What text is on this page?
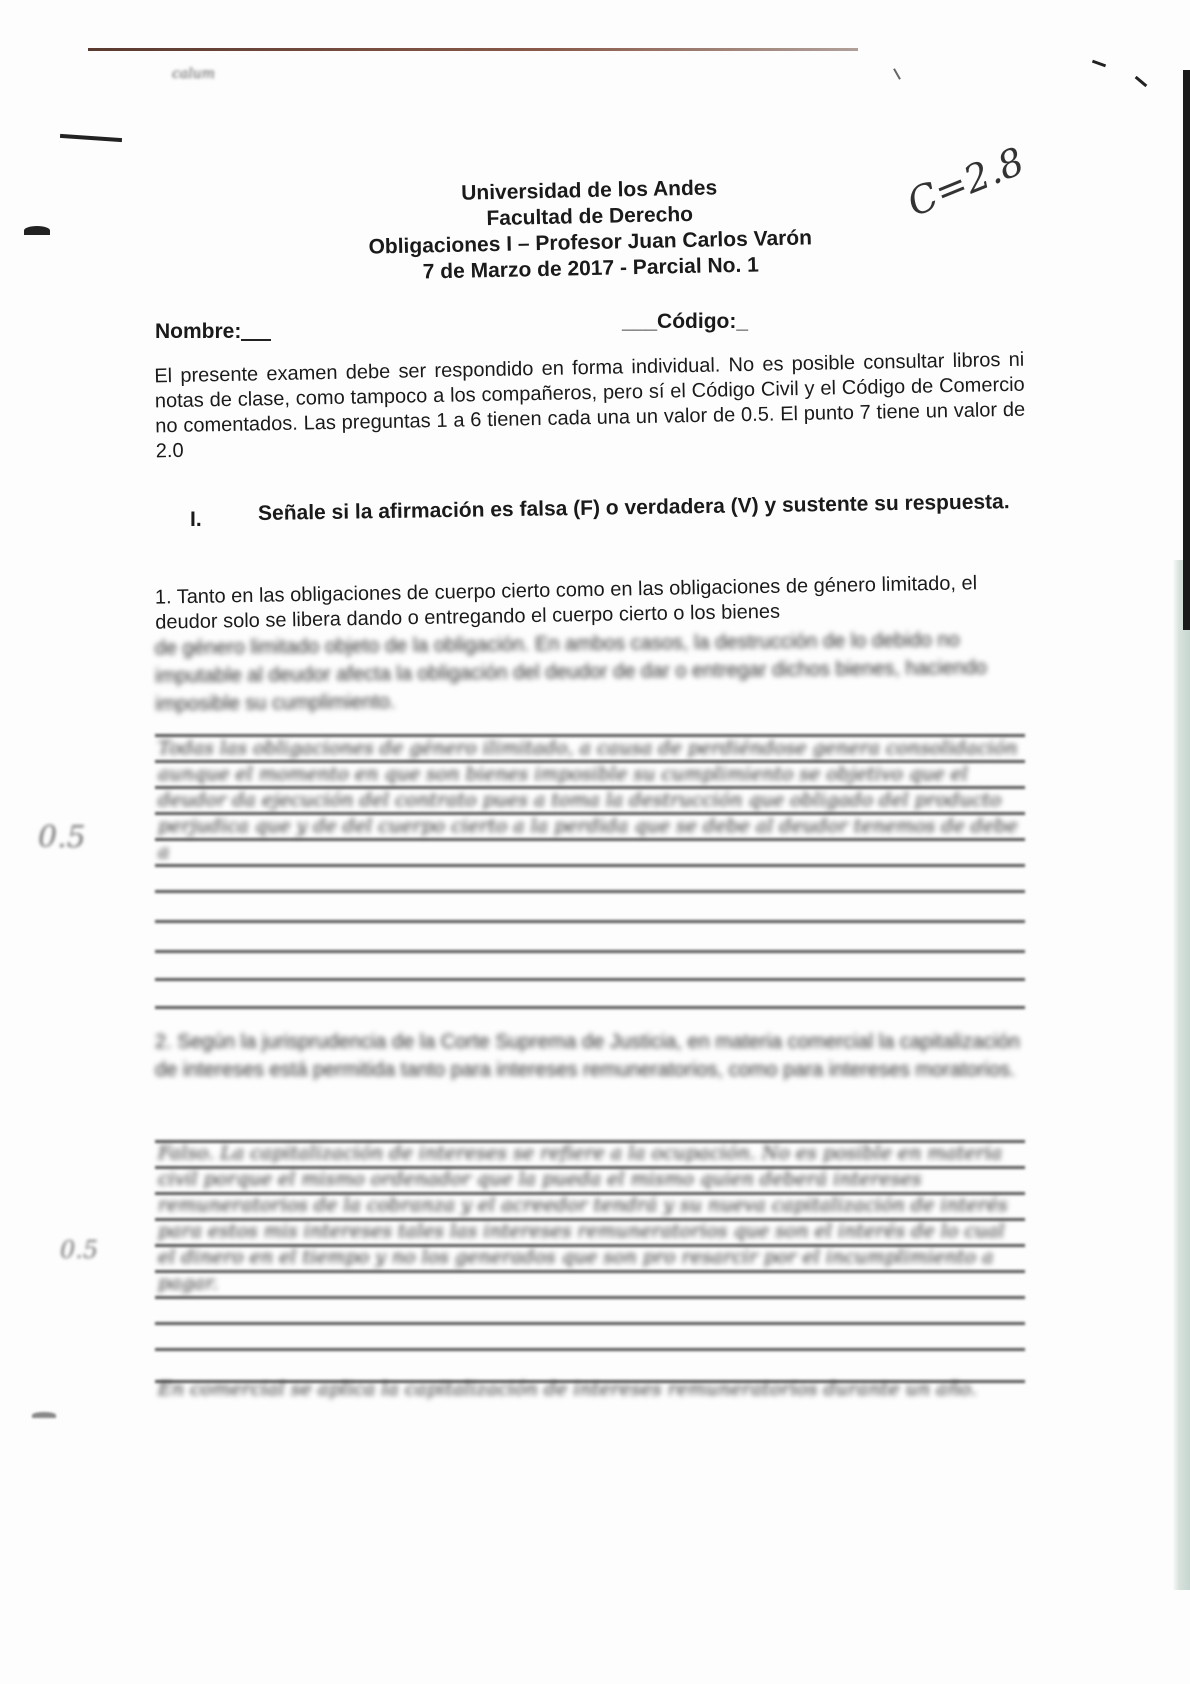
calum
Universidad de los Andes
Facultad de Derecho
Obligaciones I – Profesor Juan Carlos Varón
7 de Marzo de 2017 - Parcial No. 1
C=2.8
Nombre:	___Código:_
El presente examen debe ser respondido en forma individual. No es posible consultar libros ni notas de clase, como tampoco a los compañeros, pero sí el Código Civil y el Código de Comercio no comentados. Las preguntas 1 a 6 tienen cada una un valor de 0.5. El punto 7 tiene un valor de 2.0
I.	Señale si la afirmación es falsa (F) o verdadera (V) y sustente su respuesta.
1. Tanto en las obligaciones de cuerpo cierto como en las obligaciones de género limitado, el deudor solo se libera dando o entregando el cuerpo cierto o los bienes
de género limitado objeto de la obligación. En ambos casos, la destrucción de lo debido no imputable al deudor afecta la obligación del deudor de dar o entregar dichos bienes, haciendo imposible su cumplimiento.
Todas las obligaciones de género ilimitado, a causa de perdiéndose genera consolidación aunque el momento en que son bienes imposible su cumplimiento se objetivo que el deudor da ejecución del contrato pues a toma la destrucción que obligado del producto perjudica que y de del cuerpo cierto a la perdida que se debe al deudor tenemos de debe a
0.5
2. Según la jurisprudencia de la Corte Suprema de Justicia, en materia comercial la capitalización de intereses está permitida tanto para intereses remuneratorios, como para intereses moratorios.
Falso. La capitalización de intereses se refiere a la ocupación. No es posible en materia civil porque el mismo ordenador que la pueda el mismo quien deberá intereses remuneratorios de la cobranza y el acreedor tendrá y su nueva capitalización de interés para estos mis intereses tales las intereses remuneratorios que son el interés de lo cual el dinero en el tiempo y no los generados que son pro resarcir por el incumplimiento a pagar.
En comercial se aplica la capitalización de intereses remuneratorios durante un año.
0.5
